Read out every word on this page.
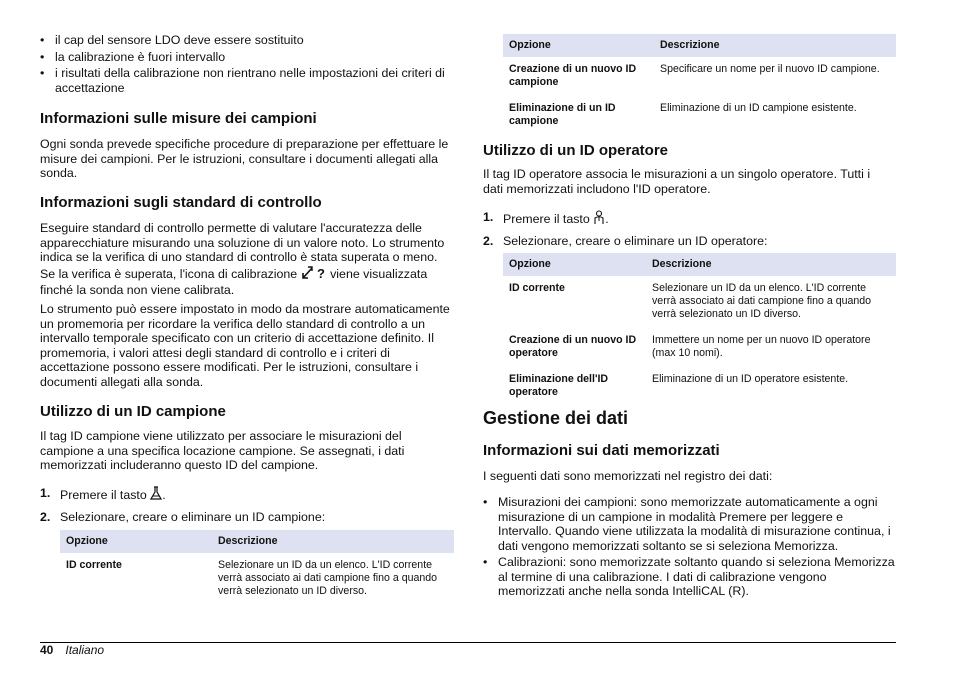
• il cap del sensore LDO deve essere sostituito
• la calibrazione è fuori intervallo
• i risultati della calibrazione non rientrano nelle impostazioni dei criteri di accettazione
Informazioni sulle misure dei campioni

Ogni sonda prevede specifiche procedure di preparazione per effettuare le misure dei campioni. Per le istruzioni, consultare i documenti allegati alla sonda.

Informazioni sugli standard di controllo

Eseguire standard di controllo permette di valutare l'accuratezza delle apparecchiature misurando una soluzione di un valore noto. Lo strumento indica se la verifica di uno standard di controllo è stata superata o meno. Se la verifica è superata, l'icona di calibrazione ? viene visualizzata finché la sonda non viene calibrata.

Lo strumento può essere impostato in modo da mostrare automaticamente un promemoria per ricordare la verifica dello standard di controllo a un intervallo temporale specificato con un criterio di accettazione definito. Il promemoria, i valori attesi degli standard di controllo e i criteri di accettazione possono essere modificati. Per le istruzioni, consultare i documenti allegati alla sonda.

Utilizzo di un ID campione

Il tag ID campione viene utilizzato per associare le misurazioni del campione a una specifica locazione campione. Se assegnati, i dati memorizzati includeranno questo ID del campione.

1. Premere il tasto .
2. Selezionare, creare o eliminare un ID campione:
Opzione	Descrizione
ID corrente	Selezionare un ID da un elenco. L'ID corrente verrà associato ai dati campione fino a quando verrà selezionato un ID diverso.
Opzione	Descrizione
Creazione di un nuovo ID campione	Specificare un nome per il nuovo ID campione.
Eliminazione di un ID campione	Eliminazione di un ID campione esistente.
Utilizzo di un ID operatore

Il tag ID operatore associa le misurazioni a un singolo operatore. Tutti i dati memorizzati includono l'ID operatore.

1. Premere il tasto .
2. Selezionare, creare o eliminare un ID operatore:
Opzione	Descrizione
ID corrente	Selezionare un ID da un elenco. L'ID corrente verrà associato ai dati campione fino a quando verrà selezionato un ID diverso.
Creazione di un nuovo ID operatore	Immettere un nome per un nuovo ID operatore (max 10 nomi).
Eliminazione dell'ID operatore	Eliminazione di un ID operatore esistente.
Gestione dei dati
Informazioni sui dati memorizzati

I seguenti dati sono memorizzati nel registro dei dati:

• Misurazioni dei campioni: sono memorizzate automaticamente a ogni misurazione di un campione in modalità Premere per leggere e Intervallo. Quando viene utilizzata la modalità di misurazione continua, i dati vengono memorizzati soltanto se si seleziona Memorizza.
• Calibrazioni: sono memorizzate soltanto quando si seleziona Memorizza al termine di una calibrazione. I dati di calibrazione vengono memorizzati anche nella sonda IntelliCAL (R).
40 Italiano
